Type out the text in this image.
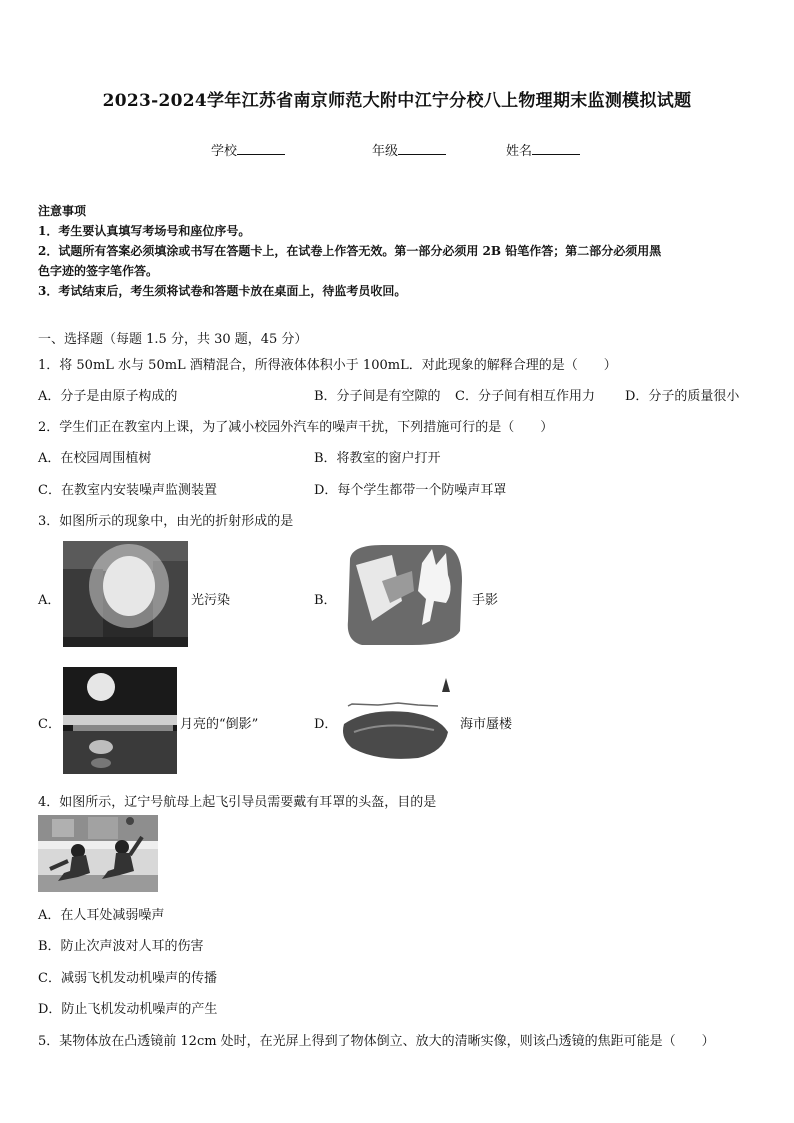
2023-2024学年江苏省南京师范大附中江宁分校八上物理期末监测模拟试题
学校	年级	姓名
注意事项
1．考生要认真填写考场号和座位序号。
2．试题所有答案必须填涂或书写在答题卡上，在试卷上作答无效。第一部分必须用 2B 铅笔作答；第二部分必须用黑
色字迹的签字笔作答。
3．考试结束后，考生须将试卷和答题卡放在桌面上，待监考员收回。
一、选择题（每题 1.5 分，共 30 题，45 分）
1．将 50mL 水与 50mL 酒精混合，所得液体体积小于 100mL．对此现象的解释合理的是（　　）
A．分子是由原子构成的	B．分子间是有空隙的 C．分子间有相互作用力 D．分子的质量很小
2．学生们正在教室内上课，为了减小校园外汽车的噪声干扰，下列措施可行的是（　　）
A．在校园周围植树	B．将教室的窗户打开
C．在教室内安装噪声监测装置	D．每个学生都带一个防噪声耳罩
3．如图所示的现象中，由光的折射形成的是
A．	光污染	B．	手影
C．	月亮的“倒影”	D．	海市蜃楼
4．如图所示，辽宁号航母上起飞引导员需要戴有耳罩的头盔，目的是
A．在人耳处减弱噪声
B．防止次声波对人耳的伤害
C．减弱飞机发动机噪声的传播
D．防止飞机发动机噪声的产生
5．某物体放在凸透镜前 12cm 处时，在光屏上得到了物体倒立、放大的清晰实像，则该凸透镜的焦距可能是（　　）
